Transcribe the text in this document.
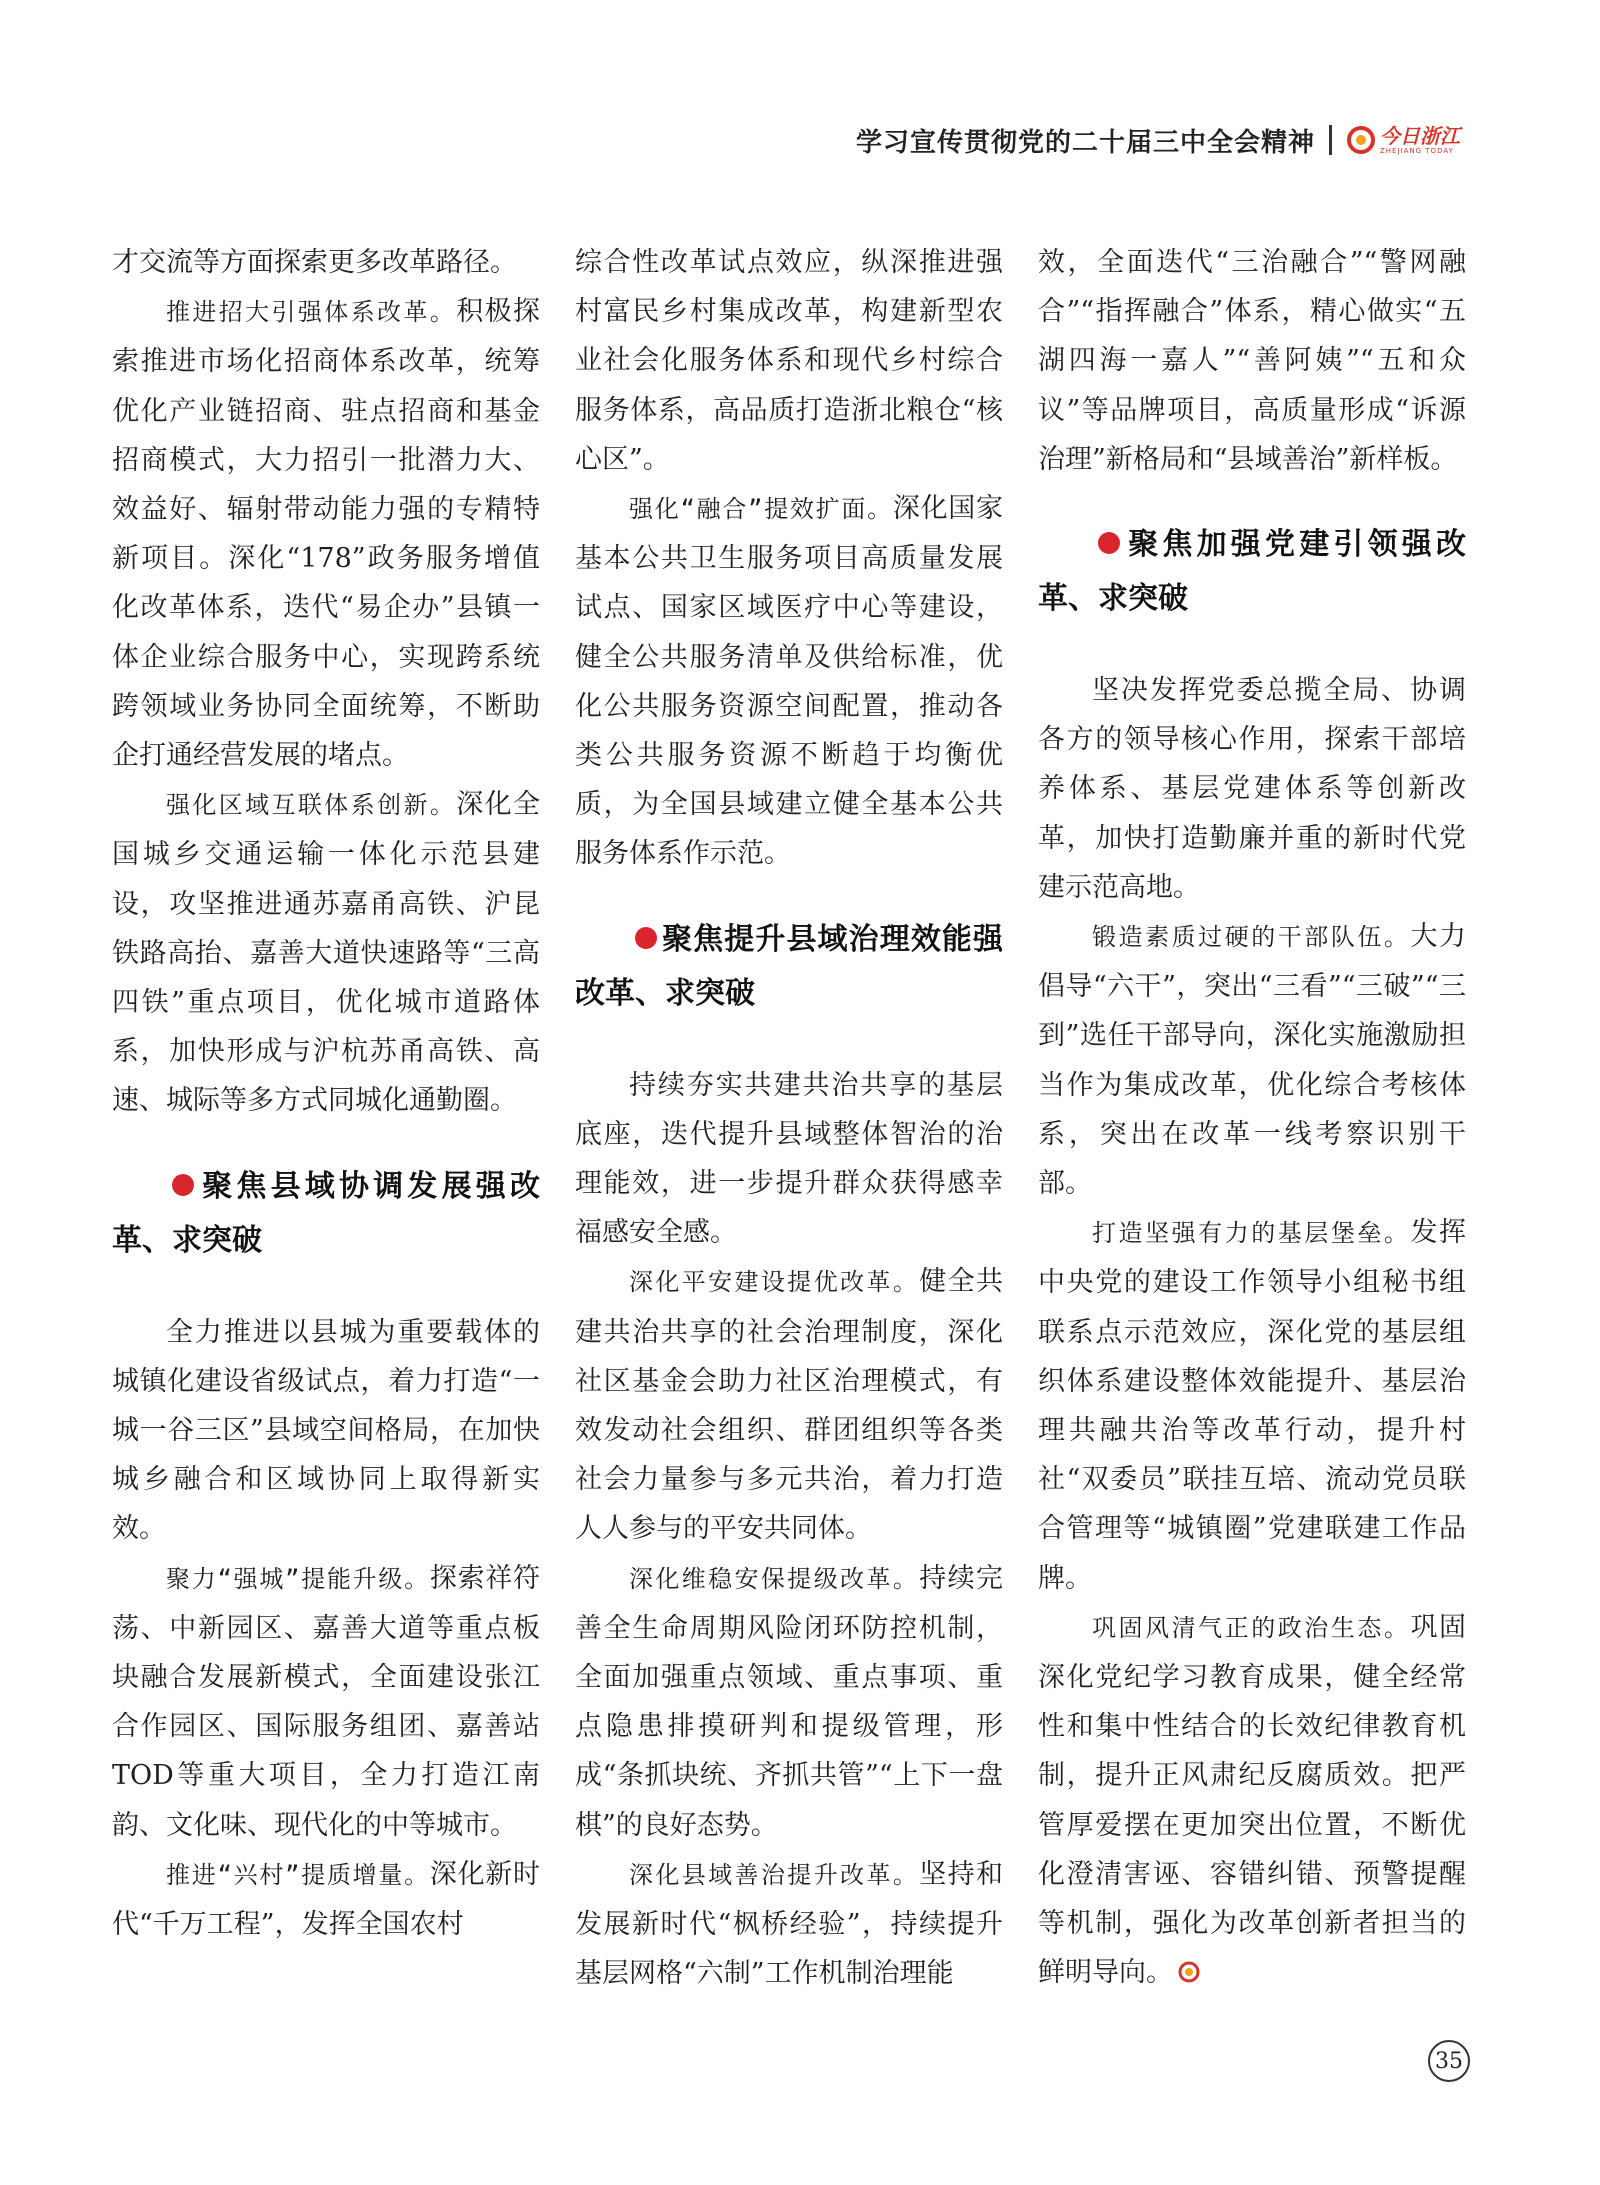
学习宣传贯彻党的二十届三中全会精神	今日浙江
ZHEJIANG TODAY

才交流等方面探索更多改革路径。

推进招大引强体系改革。积极探索推进市场化招商体系改革，统筹优化产业链招商、驻点招商和基金招商模式，大力招引一批潜力大、效益好、辐射带动能力强的专精特新项目。深化“178”政务服务增值化改革体系，迭代“易企办”县镇一体企业综合服务中心，实现跨系统跨领域业务协同全面统筹，不断助企打通经营发展的堵点。

强化区域互联体系创新。深化全国城乡交通运输一体化示范县建设，攻坚推进通苏嘉甬高铁、沪昆铁路高抬、嘉善大道快速路等“三高四铁”重点项目，优化城市道路体系，加快形成与沪杭苏甬高铁、高速、城际等多方式同城化通勤圈。

聚焦县域协调发展强改革、求突破

全力推进以县城为重要载体的城镇化建设省级试点，着力打造“一城一谷三区”县域空间格局，在加快城乡融合和区域协同上取得新实效。

聚力“强城”提能升级。探索祥符荡、中新园区、嘉善大道等重点板块融合发展新模式，全面建设张江合作园区、国际服务组团、嘉善站TOD等重大项目，全力打造江南韵、文化味、现代化的中等城市。

推进“兴村”提质增量。深化新时代“千万工程”，发挥全国农村

综合性改革试点效应，纵深推进强村富民乡村集成改革，构建新型农业社会化服务体系和现代乡村综合服务体系，高品质打造浙北粮仓“核心区”。

强化“融合”提效扩面。深化国家基本公共卫生服务项目高质量发展试点、国家区域医疗中心等建设，健全公共服务清单及供给标准，优化公共服务资源空间配置，推动各类公共服务资源不断趋于均衡优质，为全国县域建立健全基本公共服务体系作示范。

聚焦提升县域治理效能强改革、求突破

持续夯实共建共治共享的基层底座，迭代提升县域整体智治的治理能效，进一步提升群众获得感幸福感安全感。

深化平安建设提优改革。健全共建共治共享的社会治理制度，深化社区基金会助力社区治理模式，有效发动社会组织、群团组织等各类社会力量参与多元共治，着力打造人人参与的平安共同体。

深化维稳安保提级改革。持续完善全生命周期风险闭环防控机制，全面加强重点领域、重点事项、重点隐患排摸研判和提级管理，形成“条抓块统、齐抓共管”“上下一盘棋”的良好态势。

深化县域善治提升改革。坚持和发展新时代“枫桥经验”，持续提升基层网格“六制”工作机制治理能

效，全面迭代“三治融合”“警网融合”“指挥融合”体系，精心做实“五湖四海一嘉人”“善阿姨”“五和众议”等品牌项目，高质量形成“诉源治理”新格局和“县域善治”新样板。

聚焦加强党建引领强改革、求突破

坚决发挥党委总揽全局、协调各方的领导核心作用，探索干部培养体系、基层党建体系等创新改革，加快打造勤廉并重的新时代党建示范高地。

锻造素质过硬的干部队伍。大力倡导“六干”，突出“三看”“三破”“三到”选任干部导向，深化实施激励担当作为集成改革，优化综合考核体系，突出在改革一线考察识别干部。

打造坚强有力的基层堡垒。发挥中央党的建设工作领导小组秘书组联系点示范效应，深化党的基层组织体系建设整体效能提升、基层治理共融共治等改革行动，提升村社“双委员”联挂互培、流动党员联合管理等“城镇圈”党建联建工作品牌。

巩固风清气正的政治生态。巩固深化党纪学习教育成果，健全经常性和集中性结合的长效纪律教育机制，提升正风肃纪反腐质效。把严管厚爱摆在更加突出位置，不断优化澄清害诬、容错纠错、预警提醒等机制，强化为改革创新者担当的鲜明导向。

35
